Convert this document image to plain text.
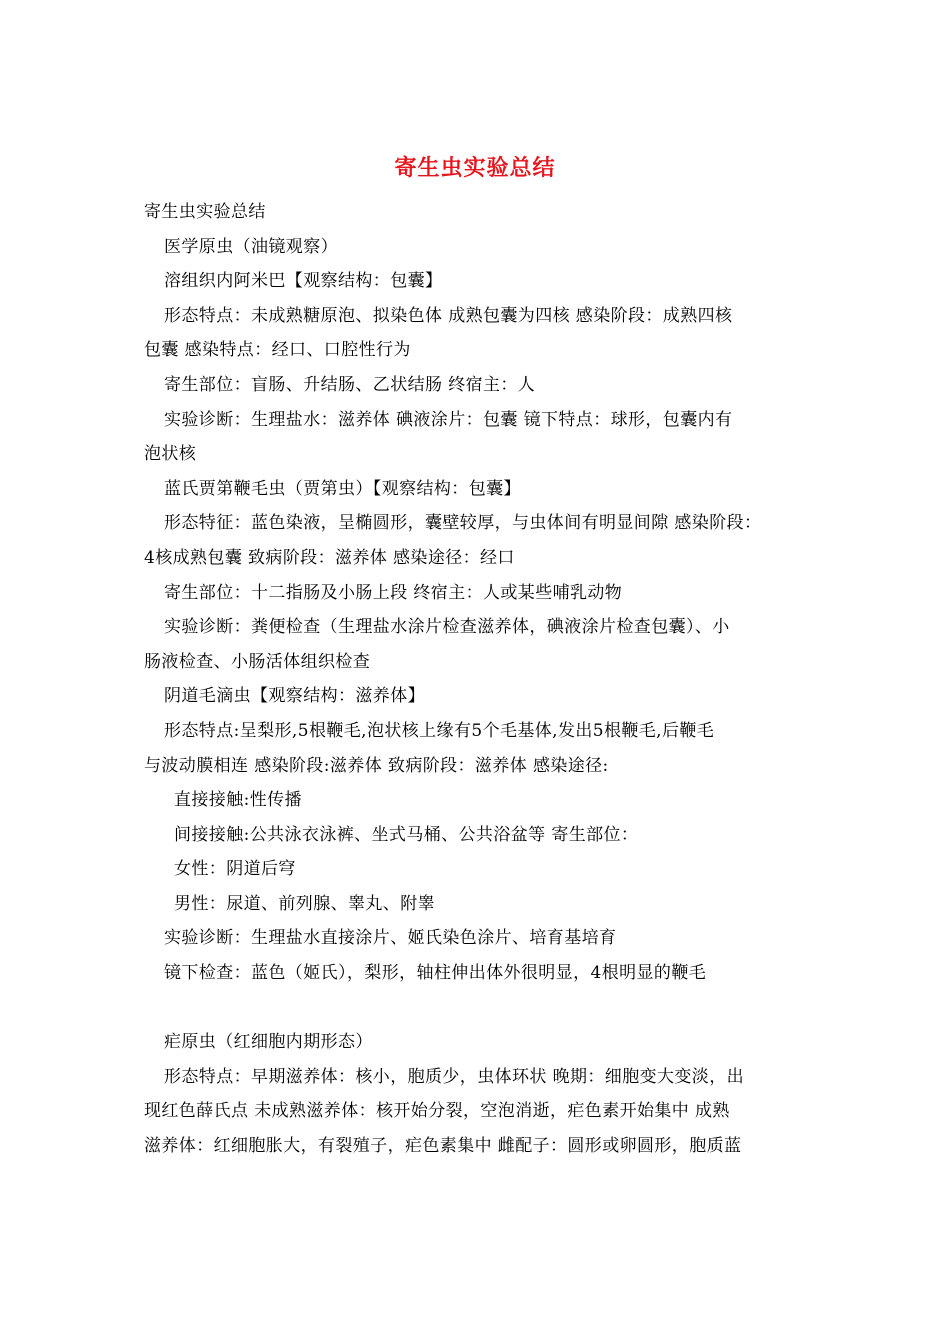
寄生虫实验总结

寄生虫实验总结

医学原虫（油镜观察）

溶组织内阿米巴【观察结构：包囊】

形态特点：未成熟糖原泡、拟染色体 成熟包囊为四核 感染阶段：成熟四核

包囊 感染特点：经口、口腔性行为

寄生部位：盲肠、升结肠、乙状结肠 终宿主：人

实验诊断：生理盐水：滋养体 碘液涂片：包囊 镜下特点：球形，包囊内有

泡状核

蓝氏贾第鞭毛虫（贾第虫）【观察结构：包囊】

形态特征：蓝色染液，呈椭圆形，囊壁较厚，与虫体间有明显间隙 感染阶段：

4核成熟包囊 致病阶段：滋养体 感染途径：经口

寄生部位：十二指肠及小肠上段 终宿主：人或某些哺乳动物

实验诊断：粪便检查（生理盐水涂片检查滋养体，碘液涂片检查包囊）、小

肠液检查、小肠活体组织检查

阴道毛滴虫【观察结构：滋养体】

形态特点:呈梨形,5根鞭毛,泡状核上缘有5个毛基体,发出5根鞭毛,后鞭毛

与波动膜相连 感染阶段:滋养体 致病阶段：滋养体 感染途径:

直接接触:性传播

间接接触:公共泳衣泳裤、坐式马桶、公共浴盆等 寄生部位：

女性：阴道后穹

男性：尿道、前列腺、睾丸、附睾

实验诊断：生理盐水直接涂片、姬氏染色涂片、培育基培育

镜下检查：蓝色（姬氏），梨形，轴柱伸出体外很明显，4根明显的鞭毛

疟原虫（红细胞内期形态）

形态特点：早期滋养体：核小，胞质少，虫体环状 晚期：细胞变大变淡，出

现红色薛氏点 未成熟滋养体：核开始分裂，空泡消逝，疟色素开始集中 成熟

滋养体：红细胞胀大，有裂殖子，疟色素集中 雌配子：圆形或卵圆形，胞质蓝
